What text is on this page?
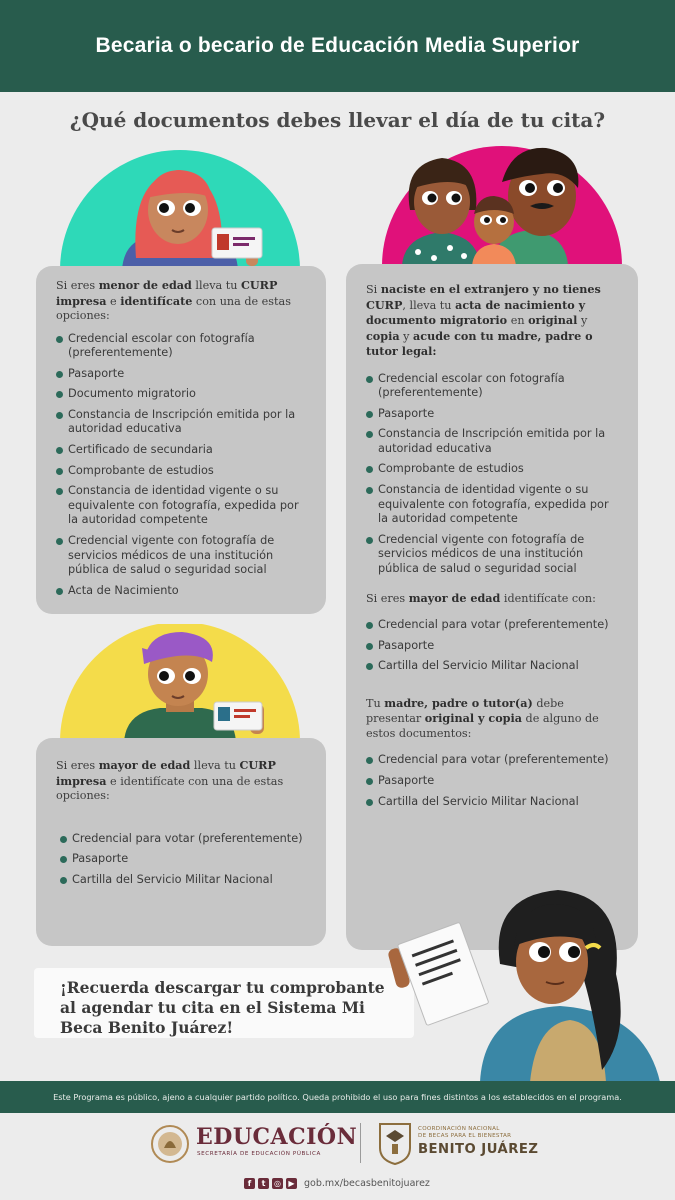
Becaria o becario de Educación Media Superior
¿Qué documentos debes llevar el día de tu cita?

Si eres menor de edad lleva tu CURP impresa e identifícate con una de estas opciones:

Credencial escolar con fotografía (preferentemente)
Pasaporte
Documento migratorio
Constancia de Inscripción emitida por la autoridad educativa
Certificado de secundaria
Comprobante de estudios
Constancia de identidad vigente o su equivalente con fotografía, expedida por la autoridad competente
Credencial vigente con fotografía de servicios médicos de una institución pública de salud o seguridad social
Acta de Nacimiento

Si eres mayor de edad lleva tu CURP impresa e identifícate con una de estas opciones:

Credencial para votar (preferentemente)
Pasaporte
Cartilla del Servicio Militar Nacional

Si naciste en el extranjero y no tienes CURP, lleva tu acta de nacimiento y documento migratorio en original y copia y acude con tu madre, padre o tutor legal:

Credencial escolar con fotografía (preferentemente)
Pasaporte
Constancia de Inscripción emitida por la autoridad educativa
Comprobante de estudios
Constancia de identidad vigente o su equivalente con fotografía, expedida por la autoridad competente
Credencial vigente con fotografía de servicios médicos de una institución pública de salud o seguridad social

Si eres mayor de edad identifícate con:

Credencial para votar (preferentemente)
Pasaporte
Cartilla del Servicio Militar Nacional

Tu madre, padre o tutor(a) debe presentar original y copia de alguno de estos documentos:

Credencial para votar (preferentemente)
Pasaporte
Cartilla del Servicio Militar Nacional
¡Recuerda descargar tu comprobante al agendar tu cita en el Sistema Mi Beca Benito Juárez!
Este Programa es público, ajeno a cualquier partido político. Queda prohibido el uso para fines distintos a los establecidos en el programa.
EDUCACIÓN
SECRETARÍA DE EDUCACIÓN PÚBLICA
COORDINACIÓN NACIONAL
DE BECAS PARA EL BIENESTAR
BENITO JUÁREZ
f	t	◎ ▶ gob.mx/becasbenitojuarez
